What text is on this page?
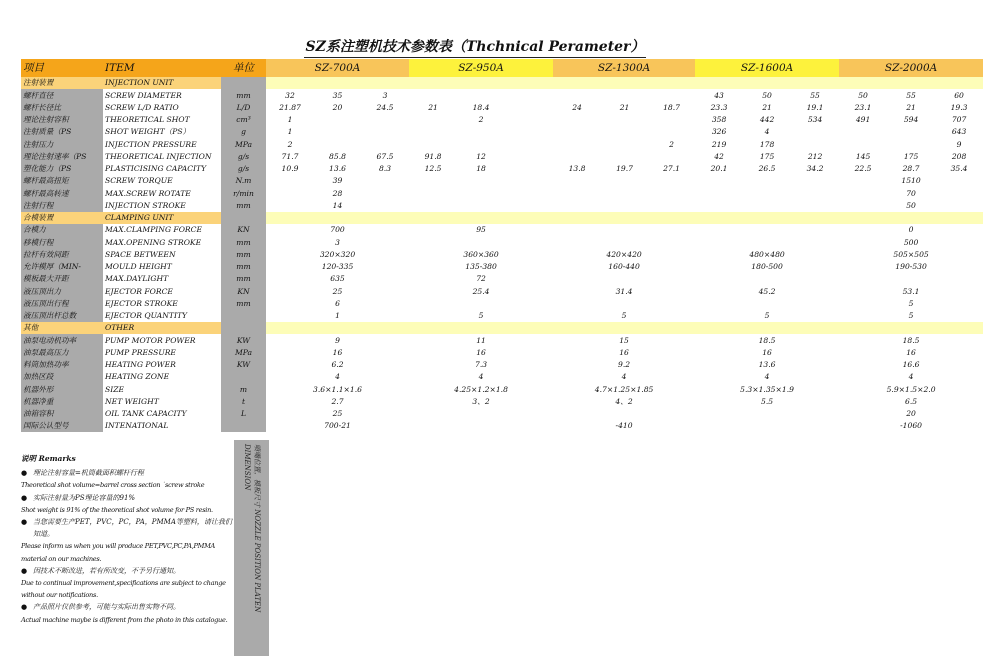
SZ系注塑机技术参数表（Thchnical Perameter）
项目	ITEM	单位	SZ-700A			SZ-950A			SZ-1300A			SZ-1600A			SZ-2000A		
注射装置	INJECTION UNIT																
螺杆直径	SCREW DIAMETER	mm	32	35	3							43	50	55	50	55	60
螺杆长径比	SCREW L/D RATIO	L/D	21.87	20	24.5	21	18.4		24	21	18.7	23.3	21	19.1	23.1	21	19.3
理论注射容积	THEORETICAL SHOT	cm³	1				2					358	442	534	491	594	707
注射质量（PS	SHOT WEIGHT（PS）	g	1									326	4				643
注射压力	INJECTION PRESSURE	MPa	2								2	219	178				9
理论注射速率（PS	THEORETICAL INJECTION	g/s	71.7	85.8	67.5	91.8	12					42	175	212	145	175	208
塑化能力（PS	PLASTICISING CAPACITY	g/s	10.9	13.6	8.3	12.5	18		13.8	19.7	27.1	20.1	26.5	34.2	22.5	28.7	35.4
螺杆最高扭矩	SCREW TORQUE	N.m		39												1510	
螺杆最高转速	MAX.SCREW ROTATE	r/min		28												70	
注射行程	INJECTION STROKE	mm		14												50	
合模装置	CLAMPING UNIT																
合模力	MAX.CLAMPING FORCE	KN	700			95									0		
移模行程	MAX.OPENING STROKE	mm	3												500		
拉杆有效间距	SPACE BETWEEN	mm	320×320			360×360			420×420			480×480			505×505		
允许模厚（MIN-	MOULD HEIGHT	mm	120-335			135-380			160-440			180-500			190-530		
模板最大开距	MAX.DAYLIGHT	mm	635			72											
液压顶出力	EJECTOR FORCE	KN	25			25.4			31.4			45.2			53.1		
液压顶出行程	EJECTOR STROKE	mm	6												5		
液压顶出杆总数	EJECTOR QUANTITY		1			5			5			5			5		
其他	OTHER																
油泵电动机功率	PUMP MOTOR POWER	KW	9			11			15			18.5			18.5		
油泵最高压力	PUMP PRESSURE	MPa	16			16			16			16			16		
料筒加热功率	HEATING POWER	KW	6.2			7.3			9.2			13.6			16.6		
加热区段	HEATING ZONE		4			4			4			4			4		
机器外形	SIZE	m	3.6×1.1×1.6			4.25×1.2×1.8			4.7×1.25×1.85			5.3×1.35×1.9			5.9×1.5×2.0		
机器净重	NET WEIGHT	t	2.7			3、2			4、2			5.5			6.5		
油箱容积	OIL TANK CAPACITY	L	25												20		
国际公认型号	INTENATIONAL		700-21						-410						-1060		
说明 Remarks
● 理论注射容量=机筒截面积螺杆行程
Theoretical shot volume=barrel cross section ˙screw stroke
● 实际注射量为PS理论容量的91%
Shot weight is 91% of the theoretical shot volume for PS resin.
● 当您需要生产PET，PVC，PC，PA，PMMA等塑料，请让我们知道。
Please inform us when you will produce PET,PVC,PC,PA,PMMA material on our machines.
● 因技术不断改进，若有所改变，不予另行通知。
Due to continual improvement,specifications are subject to change without our notifications.
● 产品照片仅供参考，可能与实际出售实物不同。
Actual machine maybe is different from the photo in this catalogue.
喷嘴位置，模板尺寸 NOZZLE POSITION PLATEN DIMENSION
